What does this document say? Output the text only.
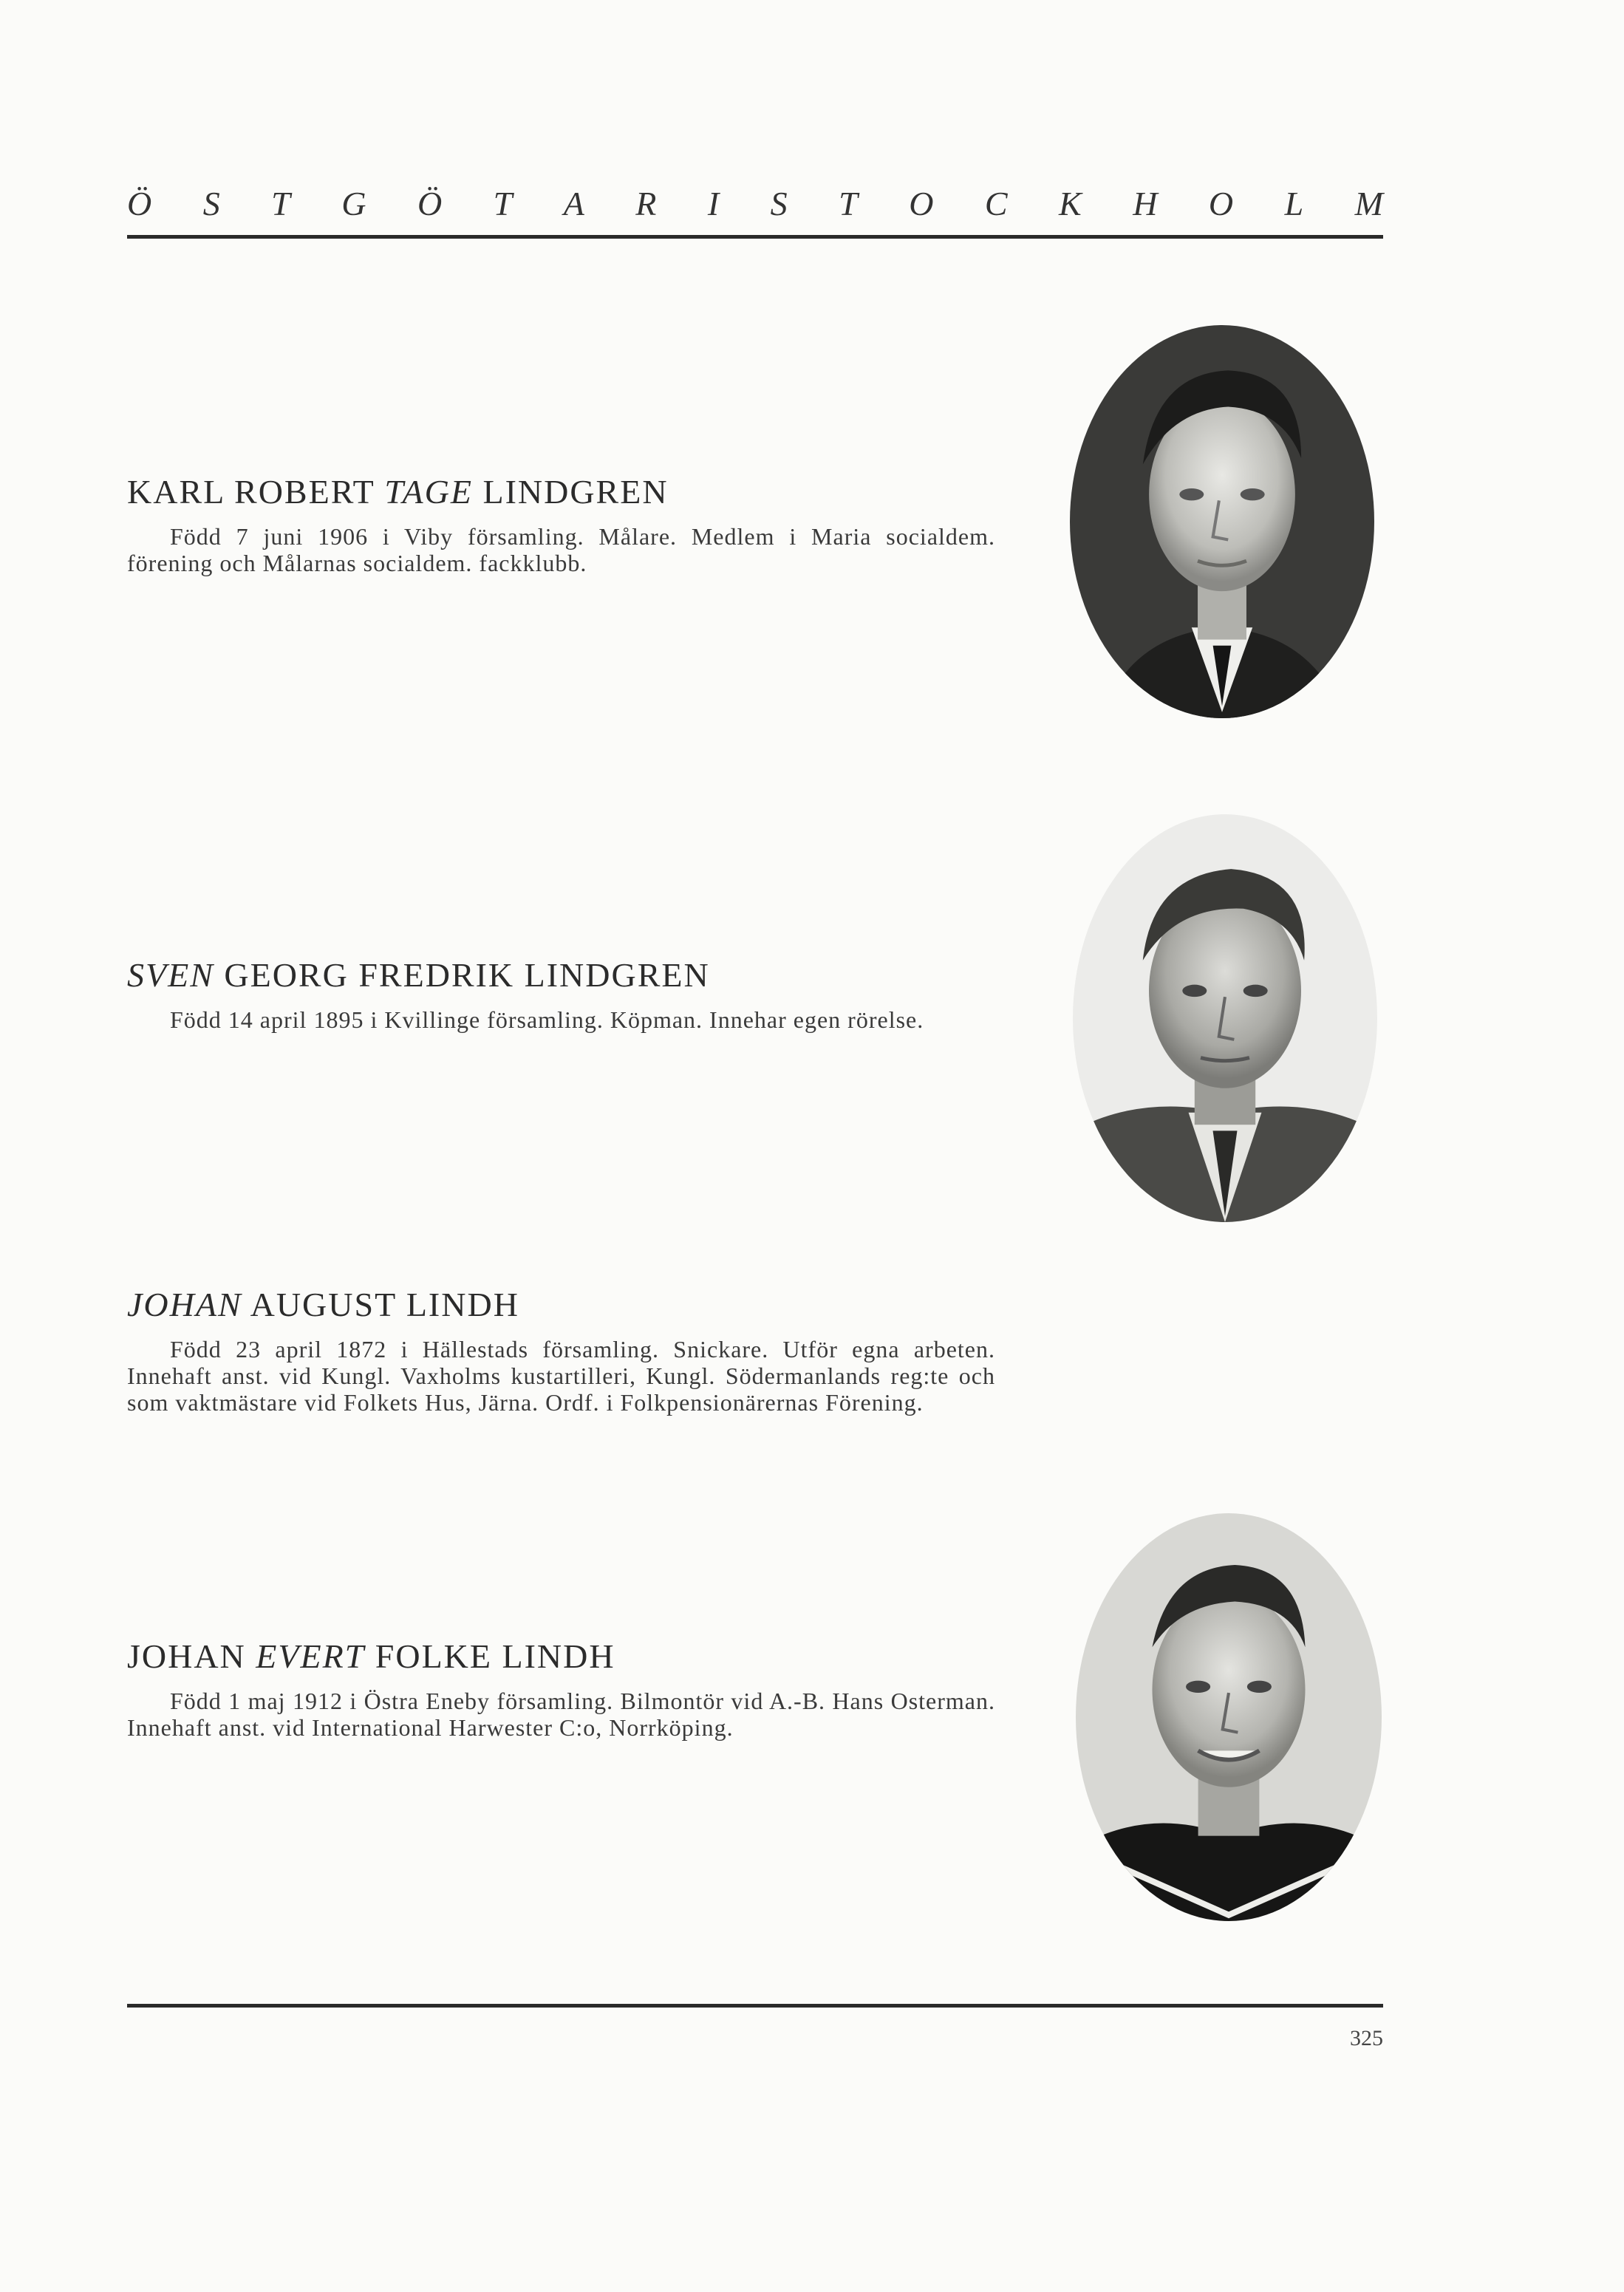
Ö S T G Ö T A R I S T O C K H O L M
KARL ROBERT TAGE LINDGREN

Född 7 juni 1906 i Viby församling. Målare. Medlem i Maria socialdem. förening och Målarnas socialdem. fackklubb.

SVEN GEORG FREDRIK LINDGREN

Född 14 april 1895 i Kvillinge församling. Köpman. Innehar egen rörelse.

JOHAN AUGUST LINDH

Född 23 april 1872 i Hällestads församling. Snickare. Utför egna arbeten. Innehaft anst. vid Kungl. Vaxholms kustartilleri, Kungl. Södermanlands reg:te och som vaktmästare vid Folkets Hus, Järna. Ordf. i Folkpensionärernas Förening.

JOHAN EVERT FOLKE LINDH

Född 1 maj 1912 i Östra Eneby församling. Bilmontör vid A.-B. Hans Osterman. Innehaft anst. vid International Harwester C:o, Norrköping.

325
